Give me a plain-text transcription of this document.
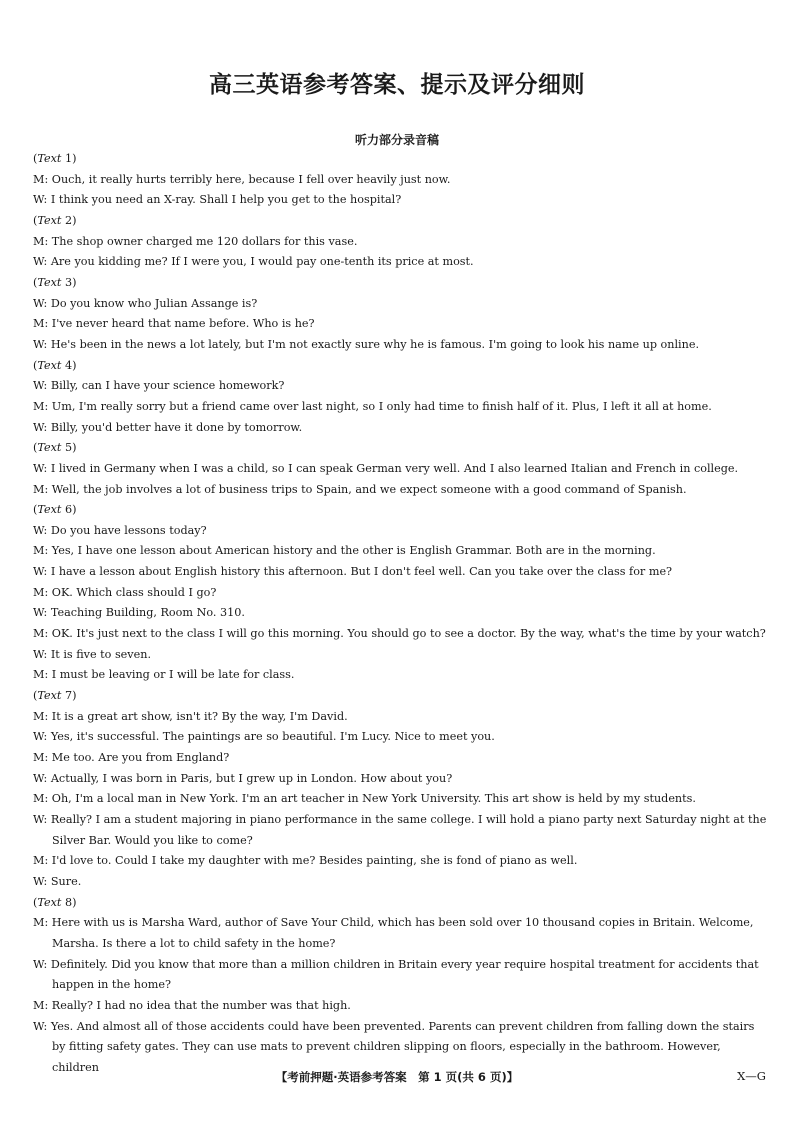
高三英语参考答案、提示及评分细则
听力部分录音稿
(Text 1)
M: Ouch, it really hurts terribly here, because I fell over heavily just now.
W: I think you need an X-ray. Shall I help you get to the hospital?
(Text 2)
M: The shop owner charged me 120 dollars for this vase.
W: Are you kidding me? If I were you, I would pay one-tenth its price at most.
(Text 3)
W: Do you know who Julian Assange is?
M: I've never heard that name before. Who is he?
W: He's been in the news a lot lately, but I'm not exactly sure why he is famous. I'm going to look his name up online.
(Text 4)
W: Billy, can I have your science homework?
M: Um, I'm really sorry but a friend came over last night, so I only had time to finish half of it. Plus, I left it all at home.
W: Billy, you'd better have it done by tomorrow.
(Text 5)
W: I lived in Germany when I was a child, so I can speak German very well. And I also learned Italian and French in college.
M: Well, the job involves a lot of business trips to Spain, and we expect someone with a good command of Spanish.
(Text 6)
W: Do you have lessons today?
M: Yes, I have one lesson about American history and the other is English Grammar. Both are in the morning.
W: I have a lesson about English history this afternoon. But I don't feel well. Can you take over the class for me?
M: OK. Which class should I go?
W: Teaching Building, Room No. 310.
M: OK. It's just next to the class I will go this morning. You should go to see a doctor. By the way, what's the time by your watch?
W: It is five to seven.
M: I must be leaving or I will be late for class.
(Text 7)
M: It is a great art show, isn't it? By the way, I'm David.
W: Yes, it's successful. The paintings are so beautiful. I'm Lucy. Nice to meet you.
M: Me too. Are you from England?
W: Actually, I was born in Paris, but I grew up in London. How about you?
M: Oh, I'm a local man in New York. I'm an art teacher in New York University. This art show is held by my students.
W: Really? I am a student majoring in piano performance in the same college. I will hold a piano party next Saturday night at the Silver Bar. Would you like to come?
M: I'd love to. Could I take my daughter with me? Besides painting, she is fond of piano as well.
W: Sure.
(Text 8)
M: Here with us is Marsha Ward, author of Save Your Child, which has been sold over 10 thousand copies in Britain. Welcome, Marsha. Is there a lot to child safety in the home?
W: Definitely. Did you know that more than a million children in Britain every year require hospital treatment for accidents that happen in the home?
M: Really? I had no idea that the number was that high.
W: Yes. And almost all of those accidents could have been prevented. Parents can prevent children from falling down the stairs by fitting safety gates. They can use mats to prevent children slipping on floors, especially in the bathroom. However, children
【考前押题·英语参考答案　第 1 页(共 6 页)】	X—G
